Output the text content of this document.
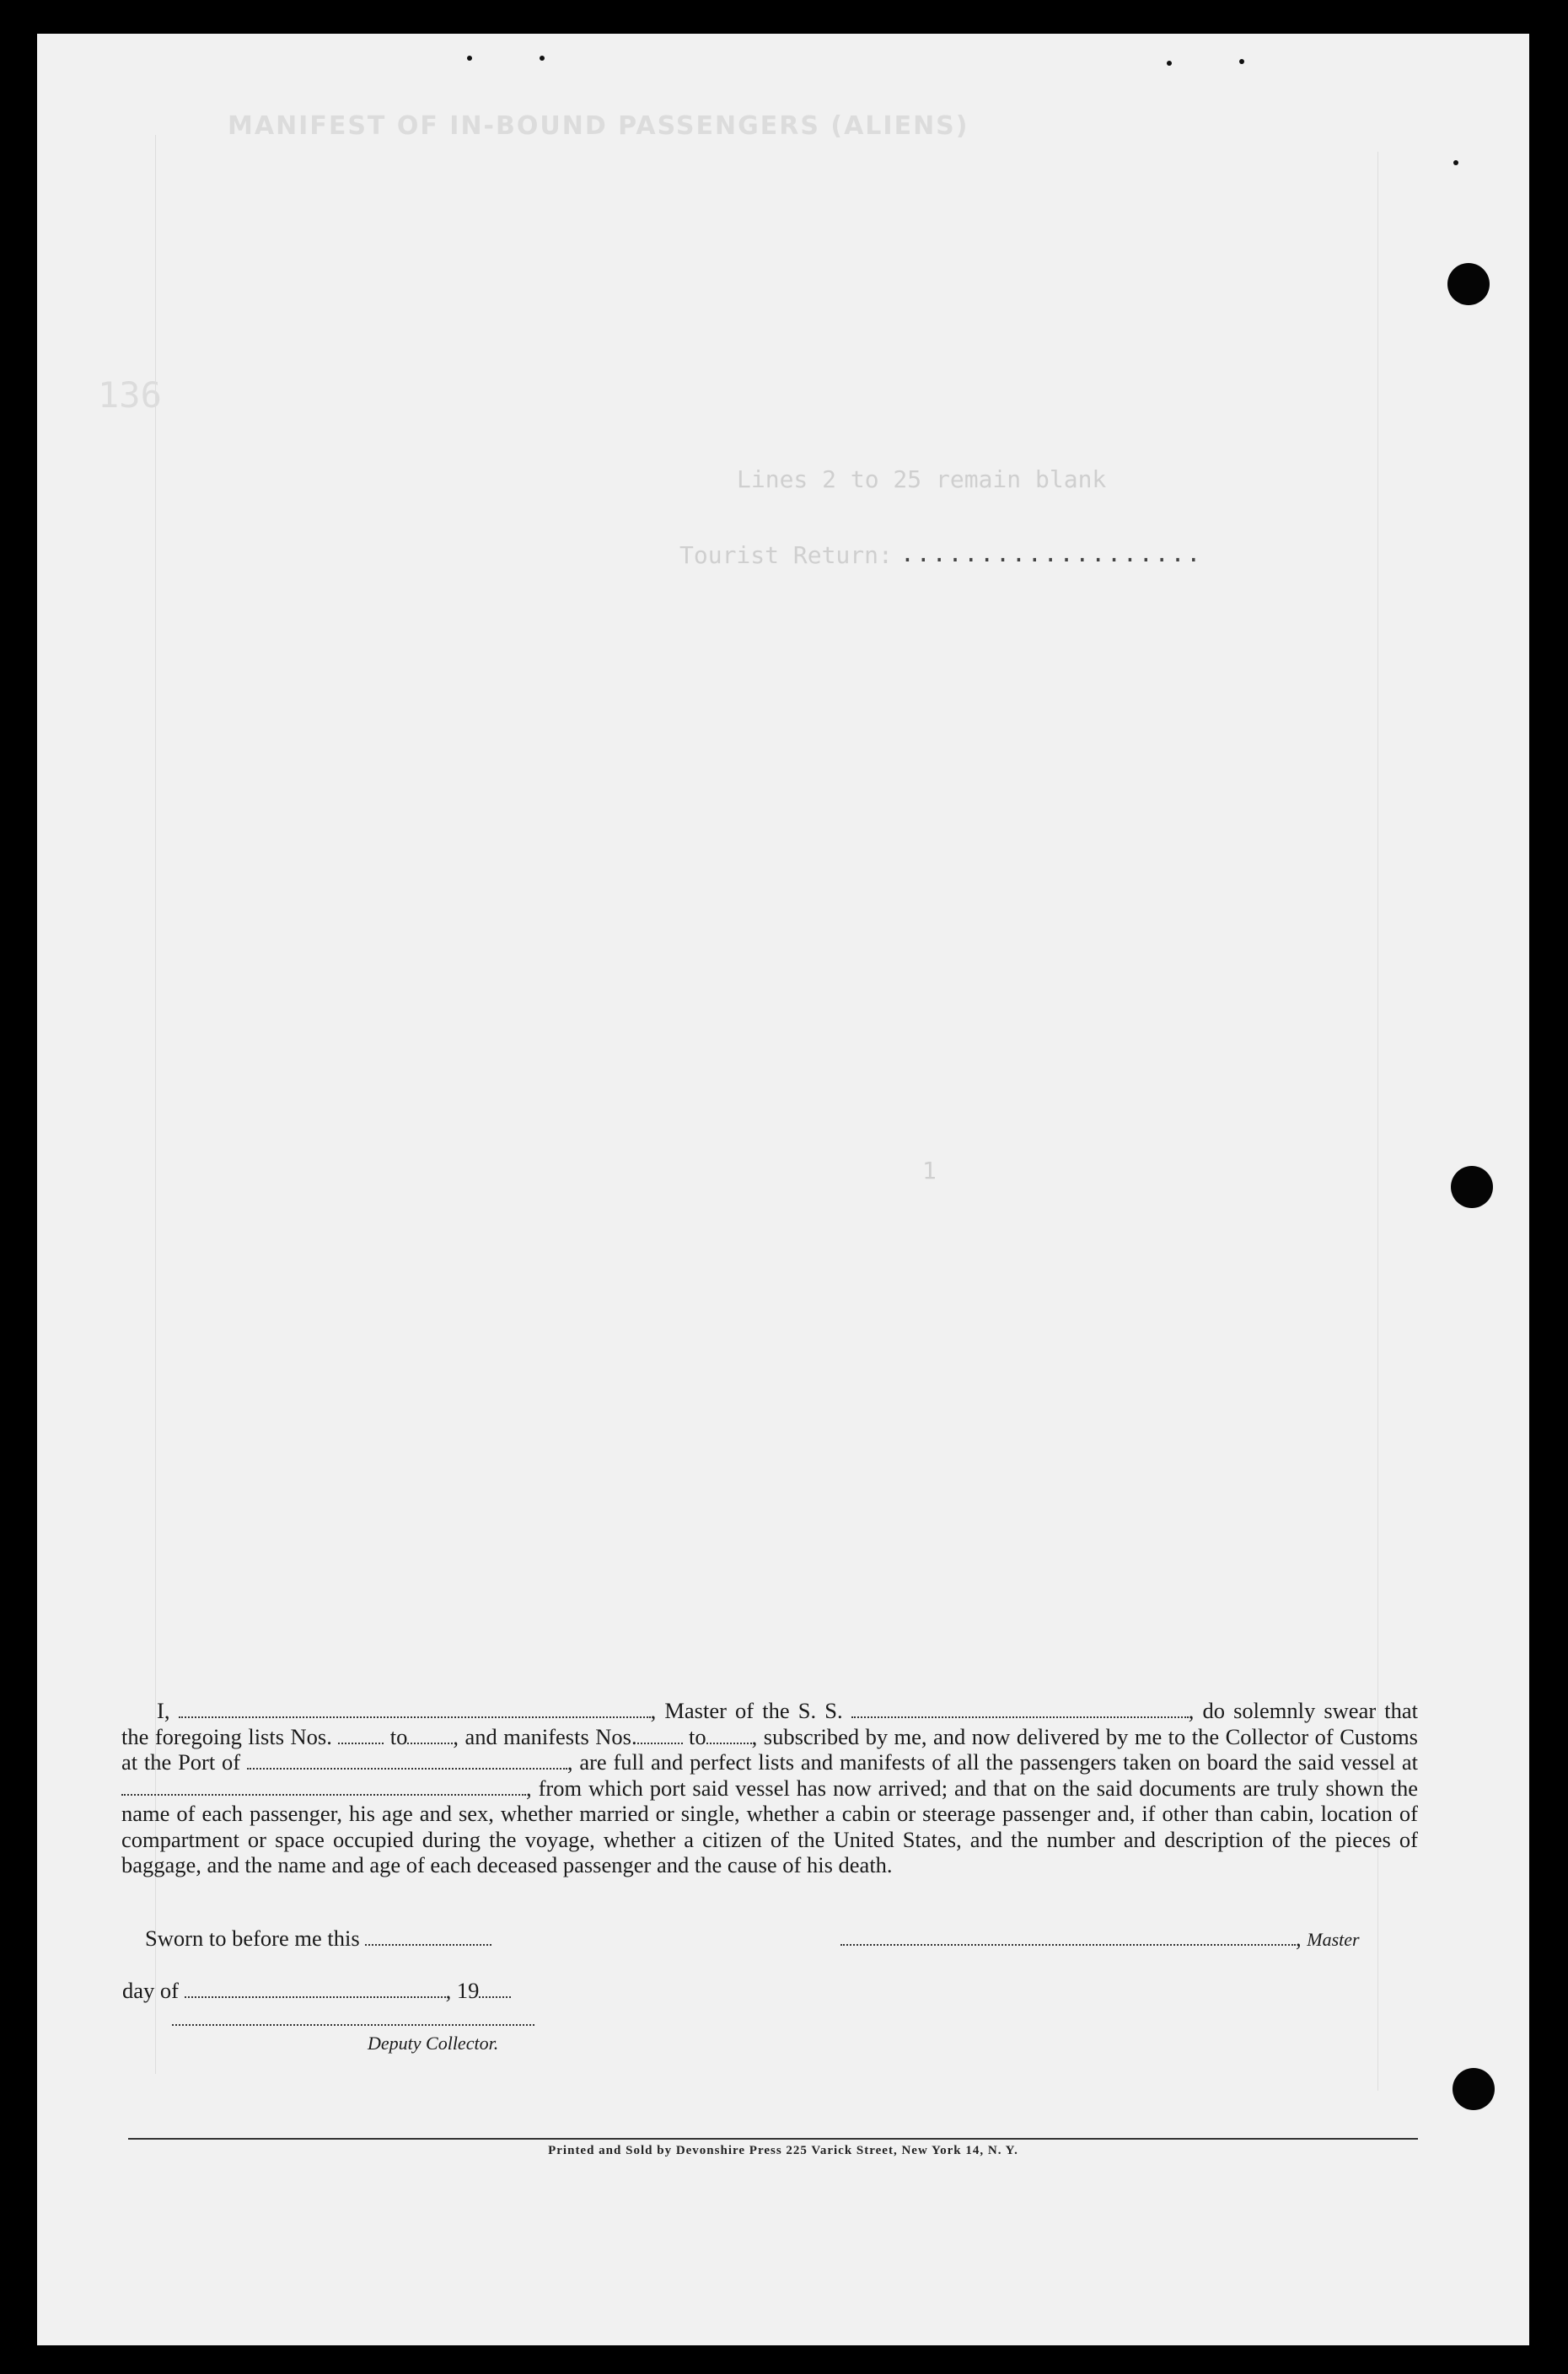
MANIFEST OF IN-BOUND PASSENGERS (ALIENS)
136
Lines 2 to 25 remain blank
Tourist Return: ...................
1
I,	, Master of the S. S.	, do solemnly swear that the foregoing lists Nos.	to , and manifests Nos. to , subscribed by me, and now delivered by me to the Collector of Customs at the Port of	, are full and perfect lists and manifests of all the passengers taken on board the said vessel at , from which port said vessel has now arrived; and that on the said documents are truly shown the name of each passenger, his age and sex, whether married or single, whether a cabin or steerage passenger and, if other than cabin, location of compartment or space occupied during the voyage, whether a citizen of the United States, and the number and description of the pieces of baggage, and the name and age of each deceased passenger and the cause of his death.
Sworn to before me this	, Master
day of	, 19
Deputy Collector.
Printed and Sold by Devonshire Press 225 Varick Street, New York 14, N. Y.
